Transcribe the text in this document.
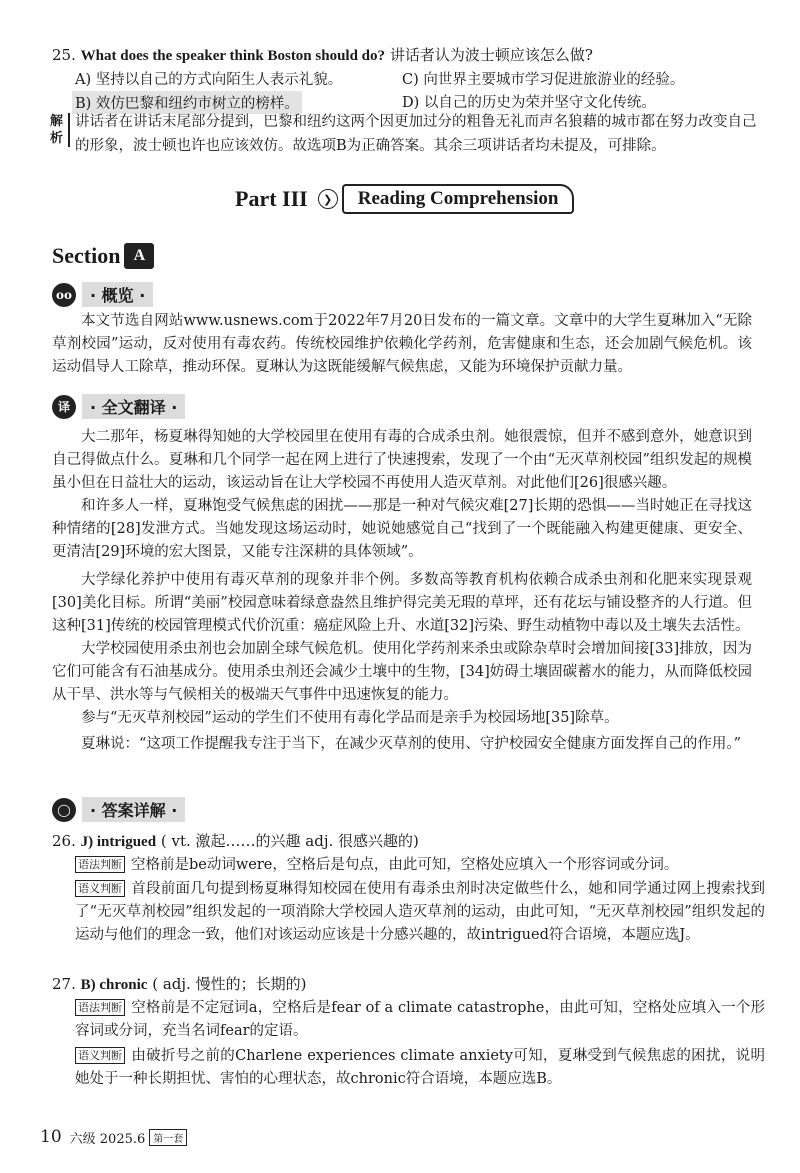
25. What does the speaker think Boston should do? 讲话者认为波士顿应该怎么做?
A) 坚持以自己的方式向陌生人表示礼貌。	C) 向世界主要城市学习促进旅游业的经验。
B) 效仿巴黎和纽约市树立的榜样。	D) 以自己的历史为荣并坚守文化传统。
解析
讲话者在讲话末尾部分提到，巴黎和纽约这两个因更加过分的粗鲁无礼而声名狼藉的城市都在努力改变自己的形象，波士顿也许也应该效仿。故选项B为正确答案。其余三项讲话者均未提及，可排除。
Part III	❯	Reading Comprehension
Section A
oo	· 概览 ·
本文节选自网站www.usnews.com于2022年7月20日发布的一篇文章。文章中的大学生夏琳加入“无除草剂校园”运动，反对使用有毒农药。传统校园维护依赖化学药剂，危害健康和生态，还会加剧气候危机。该运动倡导人工除草，推动环保。夏琳认为这既能缓解气候焦虑，又能为环境保护贡献力量。
译	· 全文翻译 ·
大二那年，杨夏琳得知她的大学校园里在使用有毒的合成杀虫剂。她很震惊，但并不感到意外，她意识到自己得做点什么。夏琳和几个同学一起在网上进行了快速搜索，发现了一个由“无灭草剂校园”组织发起的规模虽小但在日益壮大的运动，该运动旨在让大学校园不再使用人造灭草剂。对此他们[26]很感兴趣。
和许多人一样，夏琳饱受气候焦虑的困扰——那是一种对气候灾难[27]长期的恐惧——当时她正在寻找这种情绪的[28]发泄方式。当她发现这场运动时，她说她感觉自己“找到了一个既能融入构建更健康、更安全、更清洁[29]环境的宏大图景，又能专注深耕的具体领域”。
大学绿化养护中使用有毒灭草剂的现象并非个例。多数高等教育机构依赖合成杀虫剂和化肥来实现景观[30]美化目标。所谓“美丽”校园意味着绿意盎然且维护得完美无瑕的草坪，还有花坛与铺设整齐的人行道。但这种[31]传统的校园管理模式代价沉重：癌症风险上升、水道[32]污染、野生动植物中毒以及土壤失去活性。
大学校园使用杀虫剂也会加剧全球气候危机。使用化学药剂来杀虫或除杂草时会增加间接[33]排放，因为它们可能含有石油基成分。使用杀虫剂还会减少土壤中的生物，[34]妨碍土壤固碳蓄水的能力，从而降低校园从干旱、洪水等与气候相关的极端天气事件中迅速恢复的能力。
参与“无灭草剂校园”运动的学生们不使用有毒化学品而是亲手为校园场地[35]除草。
夏琳说：“这项工作提醒我专注于当下，在减少灭草剂的使用、守护校园安全健康方面发挥自己的作用。”
◯	· 答案详解 ·
26. J) intrigued ( vt. 激起……的兴趣 adj. 很感兴趣的)
语法判断 空格前是be动词were，空格后是句点，由此可知，空格处应填入一个形容词或分词。
语义判断 首段前面几句提到杨夏琳得知校园在使用有毒杀虫剂时决定做些什么，她和同学通过网上搜索找到了“无灭草剂校园”组织发起的一项消除大学校园人造灭草剂的运动，由此可知，“无灭草剂校园”组织发起的运动与他们的理念一致，他们对该运动应该是十分感兴趣的，故intrigued符合语境，本题应选J。
27. B) chronic ( adj. 慢性的；长期的)
语法判断 空格前是不定冠词a，空格后是fear of a climate catastrophe，由此可知，空格处应填入一个形容词或分词，充当名词fear的定语。
语义判断 由破折号之前的Charlene experiences climate anxiety可知，夏琳受到气候焦虑的困扰，说明她处于一种长期担忧、害怕的心理状态，故chronic符合语境，本题应选B。
10 六级 2025.6 第一套
